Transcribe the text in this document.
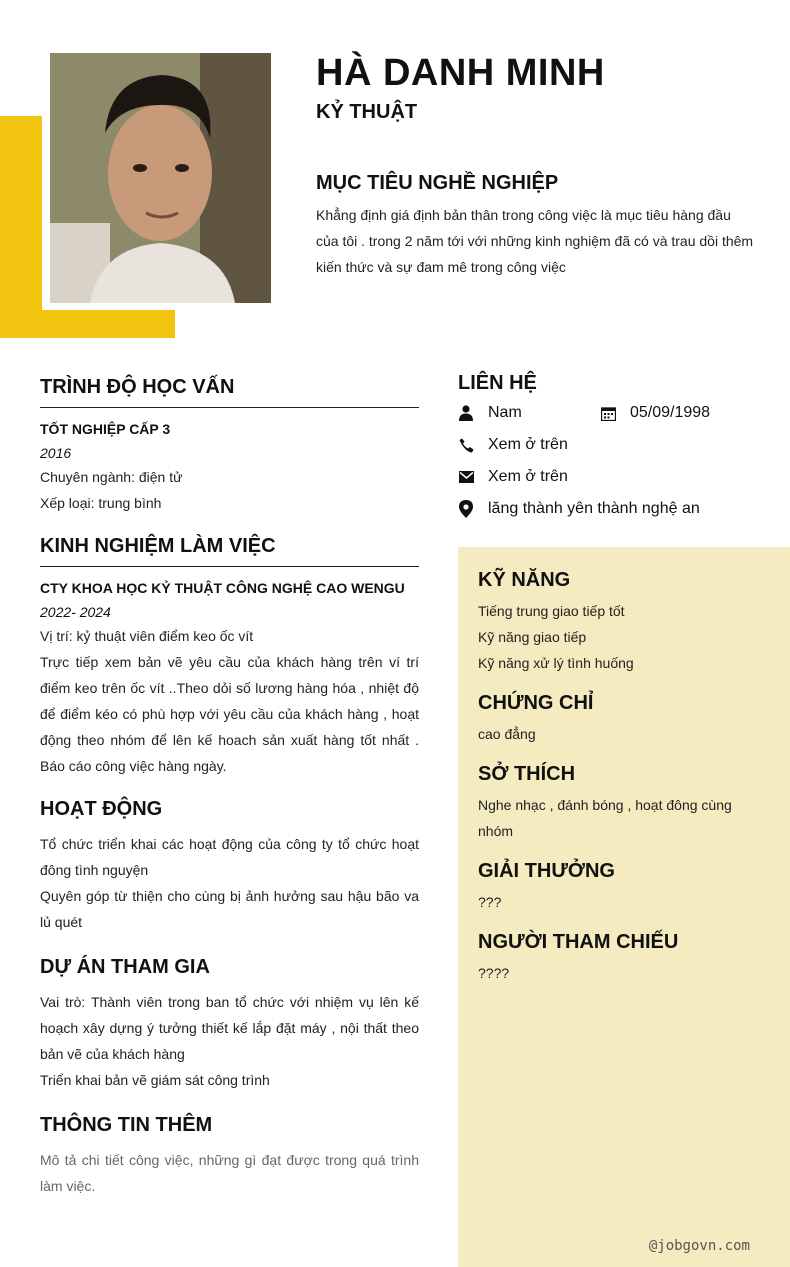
HÀ DANH MINH
KỶ THUẬT
MỤC TIÊU NGHỀ NGHIỆP
Khẳng định giá định bản thân trong công việc là mục tiêu hàng đầu của tôi . trong 2 năm tới với những kinh nghiệm đã có và trau dồi thêm kiến thức và sự đam mê trong công việc
TRÌNH ĐỘ HỌC VẤN
TỐT NGHIỆP CẤP 3
2016
Chuyên ngành: điện tử
Xếp loại: trung bình
KINH NGHIỆM LÀM VIỆC
CTY KHOA HỌC KỶ THUẬT CÔNG NGHỆ CAO WENGU
2022- 2024
Vị trí: kỷ thuật viên điểm keo ốc vít
Trực tiếp xem bản vẽ yêu cầu của khách hàng trên ví trí điểm keo trên ốc vít ..Theo dỏi số lương hàng hóa , nhiệt độ để điểm kéo có phù hợp với yêu cầu của khách hàng , hoạt động theo nhóm để lên kế hoach sản xuất hàng tốt nhất . Báo cáo công việc hàng ngày.
HOẠT ĐỘNG
Tổ chức triển khai các hoạt động của công ty tổ chức hoạt đông tình nguyện
Quyên góp từ thiện cho cùng bị ảnh hưởng sau hậu bão va lủ quét
DỰ ÁN THAM GIA
Vai trò: Thành viên trong ban tổ chức với nhiệm vụ lên kế hoạch xây dựng ý tưởng thiết kế lắp đặt máy , nội thất theo bản vẽ của khách hàng
Triển khai bản vẽ giám sát công trình
THÔNG TIN THÊM
Mô tả chi tiết công việc, những gì đạt được trong quá trình làm việc.
LIÊN HỆ
Nam	05/09/1998
Xem ở trên
Xem ở trên
lăng thành yên thành nghệ an
KỸ NĂNG
Tiếng trung giao tiếp tốt
Kỹ năng giao tiếp
Kỹ năng xử lý tình huống
CHỨNG CHỈ
cao đẳng
SỞ THÍCH
Nghe nhạc , đánh bóng , hoạt đông cùng nhóm
GIẢI THƯỞNG
???
NGƯỜI THAM CHIẾU
????
@jobgovn.com
